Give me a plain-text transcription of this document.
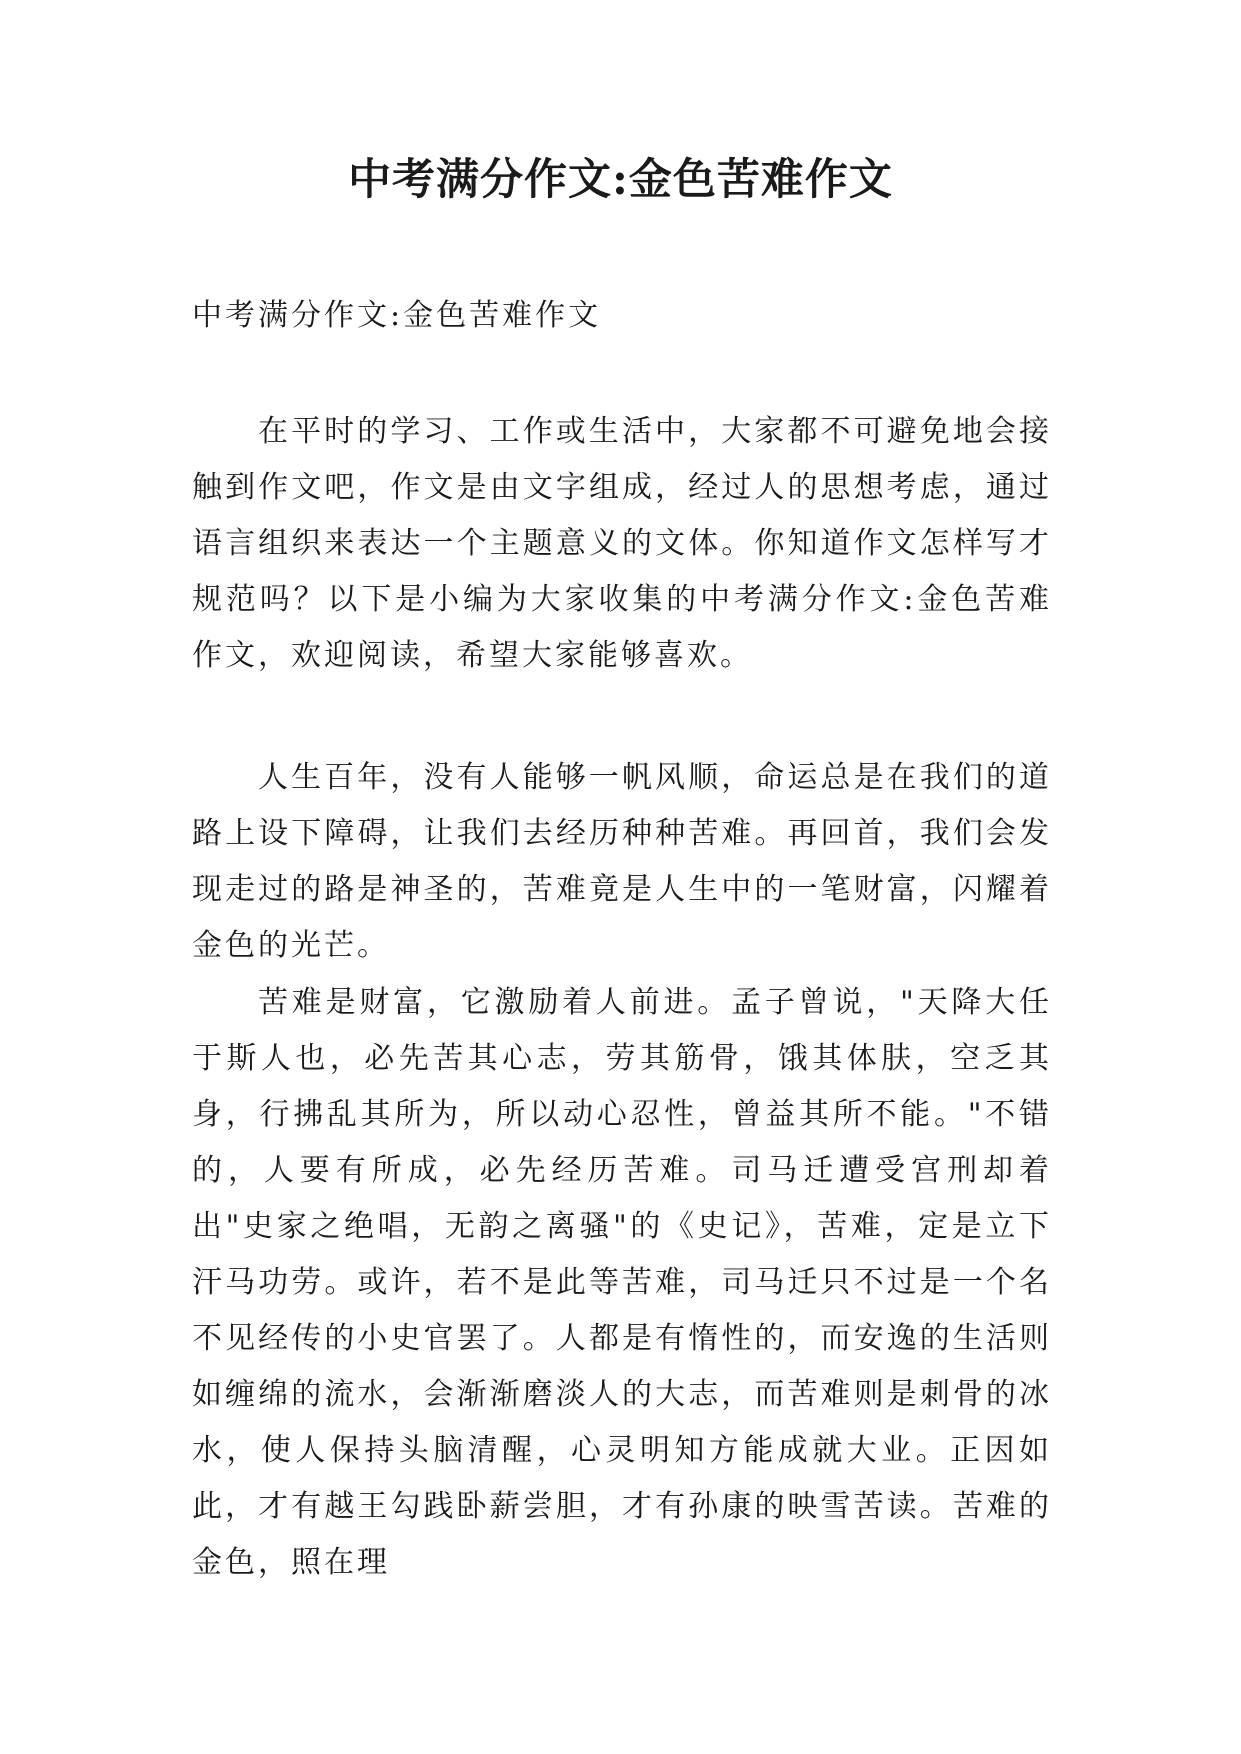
中考满分作文:金色苦难作文

中考满分作文:金色苦难作文

在平时的学习、工作或生活中，大家都不可避免地会接触到作文吧，作文是由文字组成，经过人的思想考虑，通过语言组织来表达一个主题意义的文体。你知道作文怎样写才规范吗？以下是小编为大家收集的中考满分作文:金色苦难作文，欢迎阅读，希望大家能够喜欢。

人生百年，没有人能够一帆风顺，命运总是在我们的道路上设下障碍，让我们去经历种种苦难。再回首，我们会发现走过的路是神圣的，苦难竟是人生中的一笔财富，闪耀着金色的光芒。

苦难是财富，它激励着人前进。孟子曾说，"天降大任于斯人也，必先苦其心志，劳其筋骨，饿其体肤，空乏其身，行拂乱其所为，所以动心忍性，曾益其所不能。"不错的，人要有所成，必先经历苦难。司马迁遭受宫刑却着出"史家之绝唱，无韵之离骚"的《史记》，苦难，定是立下汗马功劳。或许，若不是此等苦难，司马迁只不过是一个名不见经传的小史官罢了。人都是有惰性的，而安逸的生活则如缠绵的流水，会渐渐磨淡人的大志，而苦难则是刺骨的冰水，使人保持头脑清醒，心灵明知方能成就大业。正因如此，才有越王勾践卧薪尝胆，才有孙康的映雪苦读。苦难的金色，照在理
